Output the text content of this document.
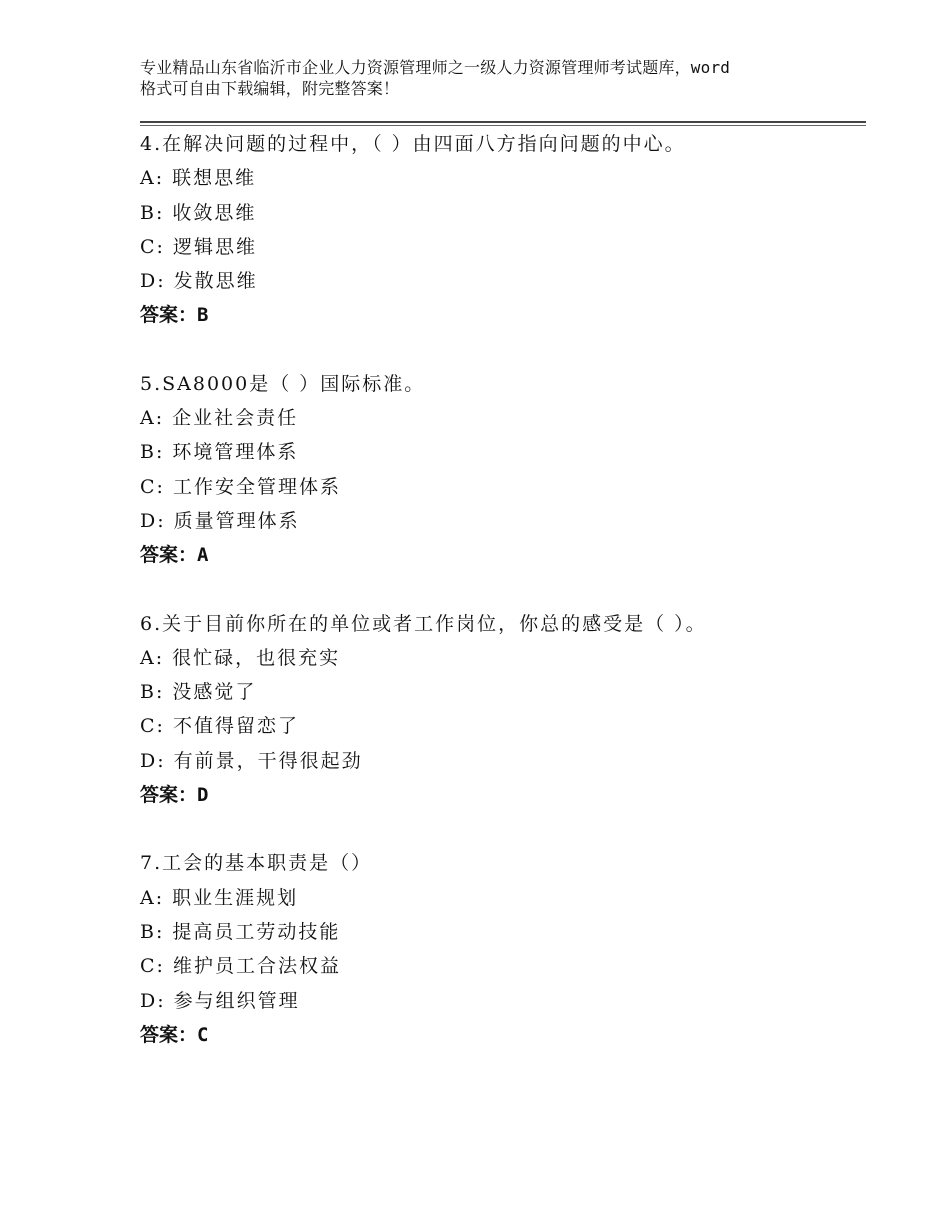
专业精品山东省临沂市企业人力资源管理师之一级人力资源管理师考试题库，word
格式可自由下载编辑，附完整答案！
4.在解决问题的过程中，（ ）由四面八方指向问题的中心。
A: 联想思维
B: 收敛思维
C: 逻辑思维
D: 发散思维
答案：B
5.SA8000是（ ）国际标准。
A: 企业社会责任
B: 环境管理体系
C: 工作安全管理体系
D: 质量管理体系
答案：A
6.关于目前你所在的单位或者工作岗位，你总的感受是（ ）。
A: 很忙碌，也很充实
B: 没感觉了
C: 不值得留恋了
D: 有前景，干得很起劲
答案：D
7.工会的基本职责是（）
A: 职业生涯规划
B: 提高员工劳动技能
C: 维护员工合法权益
D: 参与组织管理
答案：C
